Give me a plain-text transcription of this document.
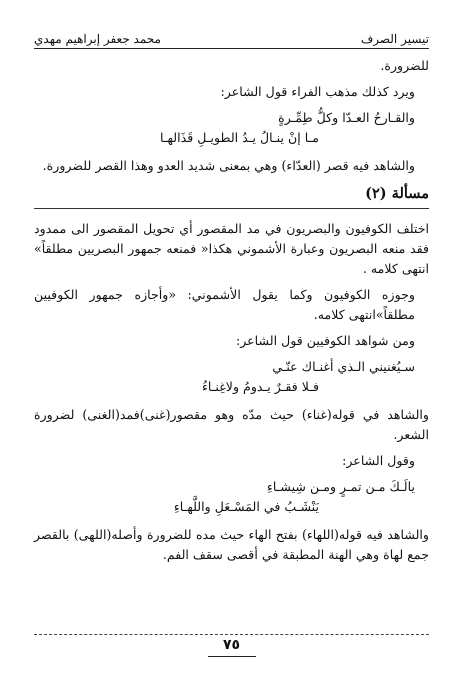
تيسير الصرف
محمد جعفر إبراهيم مهدي

للضرورة.

ويرد كذلك مذهب الفراء قول الشاعر:

والقـارحُ العـدّا وكلُّ طِمِّـرةٍ

مـا إنْ ينـالُ يـدُ الطويـلِ قَذَالهـا

والشاهد فيه قصر (العدّاء) وهي بمعنى شديد العدو وهذا القصر للضرورة.

مسألة (٢)

اختلف الكوفيون والبصريون في مد المقصور أي تحويل المقصور الى ممدود فقد منعه البصريون وعبارة الأشموني هكذا« فمنعه جمهور البصريين مطلقاً» انتهى كلامه .

وجوزه الكوفيون وكما يقول الأشموني: «وأجازه جمهور الكوفيين مطلقاً»انتهى كلامه.

ومن شواهد الكوفيين قول الشاعر:

سـيُغنيني الـذي أغنـاك عنّـي

فـلا فقـرٌ يـدومُ ولاغِنـاءُ

والشاهد في قوله(غناء) حيث مدّه وهو مقصور(غنى)فمد(الغنى) لضرورة الشعر.

وقول الشاعر:

يالَـكَ مـن تمـرٍ ومـن شِيشـاءِ

يَنْشَـبُ في المَسْـعَلِ واللَّهـاءِ

والشاهد فيه قوله(اللهاء) بفتح الهاء حيث مده للضرورة وأصله(اللهى) بالقصر جمع لهاة وهي الهنة المطبقة في أقصى سقف الفم.

٧٥
